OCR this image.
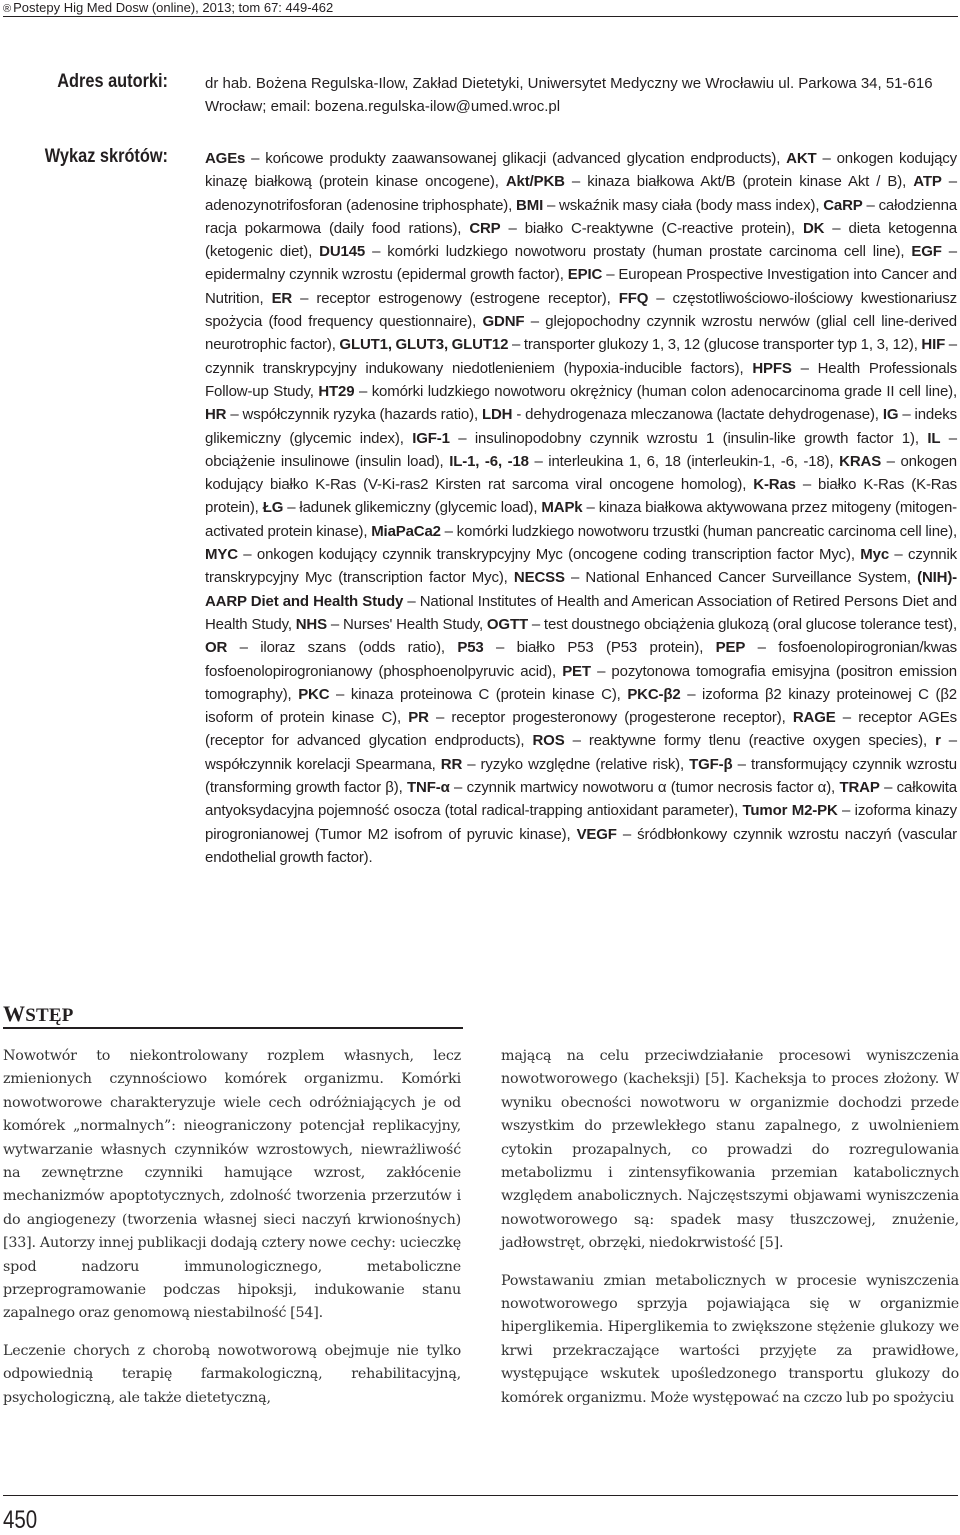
® Postepy Hig Med Dosw (online), 2013; tom 67: 449-462
Adres autorki: dr hab. Bożena Regulska-Ilow, Zakład Dietetyki, Uniwersytet Medyczny we Wrocławiu ul. Parkowa 34, 51-616 Wrocław; email: bozena.regulska-ilow@umed.wroc.pl
Wykaz skrótów: AGEs – końcowe produkty zaawansowanej glikacji (advanced glycation endproducts), AKT – onkogen kodujący kinazę białkową (protein kinase oncogene), Akt/PKB – kinaza białkowa Akt/B (protein kinase Akt / B), ATP – adenozynotrifosforan (adenosine triphosphate), BMI – wskaźnik masy ciała (body mass index), CaRP – całodzienna racja pokarmowa (daily food rations), CRP – białko C-reaktywne (C-reactive protein), DK – dieta ketogenna (ketogenic diet), DU145 – komórki ludzkiego nowotworu prostaty (human prostate carcinoma cell line), EGF – epidermalny czynnik wzrostu (epidermal growth factor), EPIC – European Prospective Investigation into Cancer and Nutrition, ER – receptor estrogenowy (estrogene receptor), FFQ – częstotliwościowo-ilościowy kwestionariusz spożycia (food frequency questionnaire), GDNF – glejopochodny czynnik wzrostu nerwów (glial cell line-derived neurotrophic factor), GLUT1, GLUT3, GLUT12 – transporter glukozy 1, 3, 12 (glucose transporter typ 1, 3, 12), HIF – czynnik transkrypcyjny indukowany niedotlenieniem (hypoxia-inducible factors), HPFS – Health Professionals Follow-up Study, HT29 – komórki ludzkiego nowotworu okrężnicy (human colon adenocarcinoma grade II cell line), HR – współczynnik ryzyka (hazards ratio), LDH - dehydrogenaza mleczanowa (lactate dehydrogenase), IG – indeks glikemiczny (glycemic index), IGF-1 – insulinopodobny czynnik wzrostu 1 (insulin-like growth factor 1), IL – obciążenie insulinowe (insulin load), IL-1, -6, -18 – interleukina 1, 6, 18 (interleukin-1, -6, -18), KRAS – onkogen kodujący białko K-Ras (V-Ki-ras2 Kirsten rat sarcoma viral oncogene homolog), K-Ras – białko K-Ras (K-Ras protein), ŁG – ładunek glikemiczny (glycemic load), MAPk – kinaza białkowa aktywowana przez mitogeny (mitogen-activated protein kinase), MiaPaCa2 – komórki ludzkiego nowotworu trzustki (human pancreatic carcinoma cell line), MYC – onkogen kodujący czynnik transkrypcyjny Myc (oncogene coding transcription factor Myc), Myc – czynnik transkrypcyjny Myc (transcription factor Myc), NECSS – National Enhanced Cancer Surveillance System, (NIH)-AARP Diet and Health Study – National Institutes of Health and American Association of Retired Persons Diet and Health Study, NHS – Nurses' Health Study, OGTT – test doustnego obciążenia glukozą (oral glucose tolerance test), OR – iloraz szans (odds ratio), P53 – białko P53 (P53 protein), PEP – fosfoenolopirogronian/kwas fosfoenolopirogronianowy (phosphoenolpyruvic acid), PET – pozytonowa tomografia emisyjna (positron emission tomography), PKC – kinaza proteinowa C (protein kinase C), PKC-β2 – izoforma β2 kinazy proteinowej C (β2 isoform of protein kinase C), PR – receptor progesteronowy (progesterone receptor), RAGE – receptor AGEs (receptor for advanced glycation endproducts), ROS – reaktywne formy tlenu (reactive oxygen species), r – współczynnik korelacji Spearmana, RR – ryzyko względne (relative risk), TGF-β – transformujący czynnik wzrostu (transforming growth factor β), TNF-α – czynnik martwicy nowotworu α (tumor necrosis factor α), TRAP – całkowita antyoksydacyjna pojemność osocza (total radical-trapping antioxidant parameter), Tumor M2-PK – izoforma kinazy pirogronianowej (Tumor M2 isofrom of pyruvic kinase), VEGF – śródbłonkowy czynnik wzrostu naczyń (vascular endothelial growth factor).
WSTĘP

Nowotwór to niekontrolowany rozplem własnych, lecz zmienionych czynnościowo komórek organizmu. Komórki nowotworowe charakteryzuje wiele cech odróżniających je od komórek „normalnych”: nieograniczony potencjał replikacyjny, wytwarzanie własnych czynników wzrostowych, niewrażliwość na zewnętrzne czynniki hamujące wzrost, zakłócenie mechanizmów apoptotycznych, zdolność tworzenia przerzutów i do angiogenezy (tworzenia własnej sieci naczyń krwionośnych) [33]. Autorzy innej publikacji dodają cztery nowe cechy: ucieczkę spod nadzoru immunologicznego, metaboliczne przeprogramowanie podczas hipoksji, indukowanie stanu zapalnego oraz genomową niestabilność [54].

Leczenie chorych z chorobą nowotworową obejmuje nie tylko odpowiednią terapię farmakologiczną, rehabilitacyjną, psychologiczną, ale także dietetyczną,

mającą na celu przeciwdziałanie procesowi wyniszczenia nowotworowego (kacheksji) [5]. Kacheksja to proces złożony. W wyniku obecności nowotworu w organizmie dochodzi przede wszystkim do przewlekłego stanu zapalnego, z uwolnieniem cytokin prozapalnych, co prowadzi do rozregulowania metabolizmu i zintensyfikowania przemian katabolicznych względem anabolicznych. Najczęstszymi objawami wyniszczenia nowotworowego są: spadek masy tłuszczowej, znużenie, jadłowstręt, obrzęki, niedokrwistość [5].

Powstawaniu zmian metabolicznych w procesie wyniszczenia nowotworowego sprzyja pojawiająca się w organizmie hiperglikemia. Hiperglikemia to zwiększone stężenie glukozy we krwi przekraczające wartości przyjęte za prawidłowe, występujące wskutek upośledzonego transportu glukozy do komórek organizmu. Może występować na czczo lub po spożyciu

450
